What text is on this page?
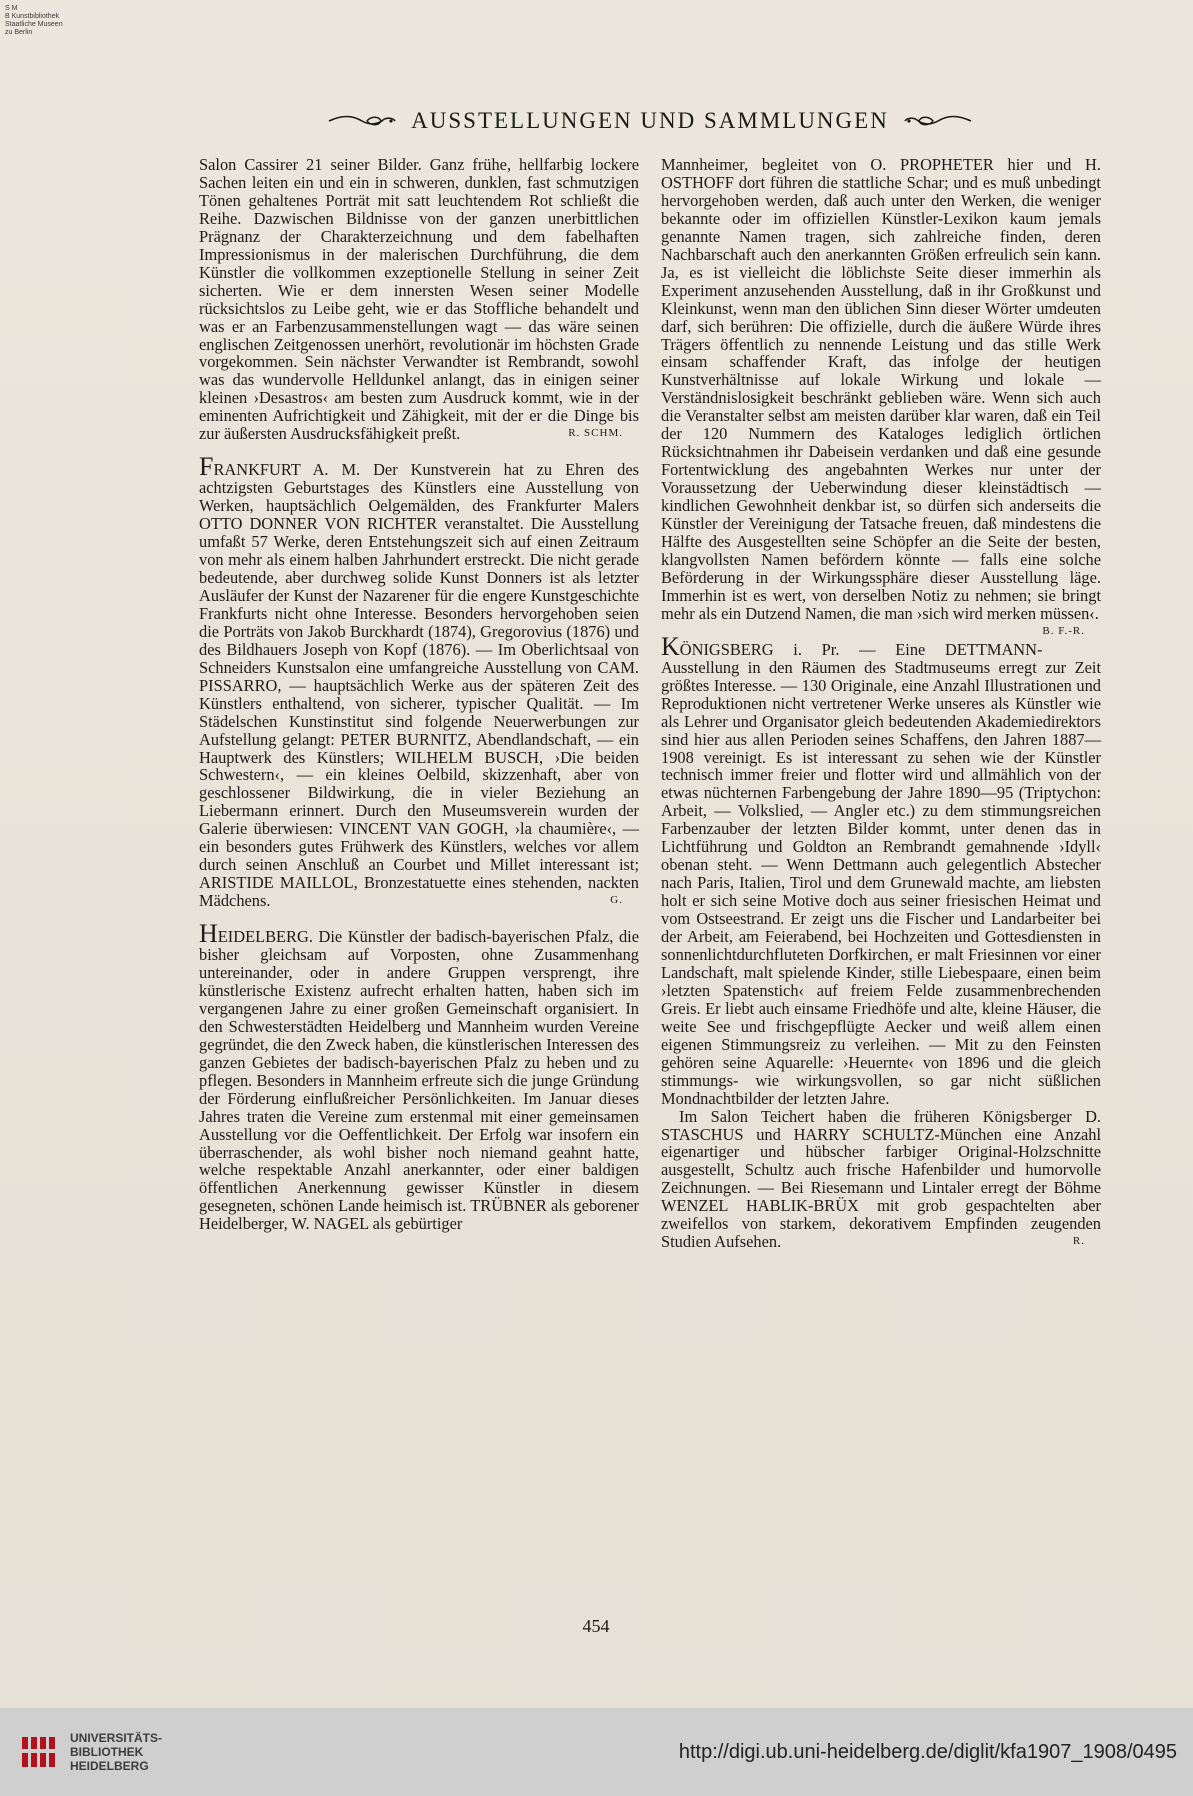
S M
B Kunstbibliothek
Staatliche Museen
zu Berlin
AUSSTELLUNGEN UND SAMMLUNGEN

Salon Cassirer 21 seiner Bilder. Ganz frühe, hellfarbig lockere Sachen leiten ein und ein in schweren, dunklen, fast schmutzigen Tönen gehaltenes Porträt mit satt leuchtendem Rot schließt die Reihe. Dazwischen Bildnisse von der ganzen unerbittlichen Prägnanz der Charakterzeichnung und dem fabelhaften Impressionismus in der malerischen Durchführung, die dem Künstler die vollkommen exzeptionelle Stellung in seiner Zeit sicherten. Wie er dem innersten Wesen seiner Modelle rücksichtslos zu Leibe geht, wie er das Stoffliche behandelt und was er an Farbenzusammenstellungen wagt — das wäre seinen englischen Zeitgenossen unerhört, revolutionär im höchsten Grade vorgekommen. Sein nächster Verwandter ist Rembrandt, sowohl was das wundervolle Helldunkel anlangt, das in einigen seiner kleinen ›Desastros‹ am besten zum Ausdruck kommt, wie in der eminenten Aufrichtigkeit und Zähigkeit, mit der er die Dinge bis zur äußersten Ausdrucksfähigkeit preßt.	R. SCHM.

FRANKFURT A. M. Der Kunstverein hat zu Ehren des achtzigsten Geburtstages des Künstlers eine Ausstellung von Werken, hauptsächlich Oelgemälden, des Frankfurter Malers OTTO DONNER VON RICHTER veranstaltet. Die Ausstellung umfaßt 57 Werke, deren Entstehungszeit sich auf einen Zeitraum von mehr als einem halben Jahrhundert erstreckt. Die nicht gerade bedeutende, aber durchweg solide Kunst Donners ist als letzter Ausläufer der Kunst der Nazarener für die engere Kunstgeschichte Frankfurts nicht ohne Interesse. Besonders hervorgehoben seien die Porträts von Jakob Burckhardt (1874), Gregorovius (1876) und des Bildhauers Joseph von Kopf (1876). — Im Oberlichtsaal von Schneiders Kunstsalon eine umfangreiche Ausstellung von CAM. PISSARRO, — hauptsächlich Werke aus der späteren Zeit des Künstlers enthaltend, von sicherer, typischer Qualität. — Im Städelschen Kunstinstitut sind folgende Neuerwerbungen zur Aufstellung gelangt: PETER BURNITZ, Abendlandschaft, — ein Hauptwerk des Künstlers; WILHELM BUSCH, ›Die beiden Schwestern‹, — ein kleines Oelbild, skizzenhaft, aber von geschlossener Bildwirkung, die in vieler Beziehung an Liebermann erinnert. Durch den Museumsverein wurden der Galerie überwiesen: VINCENT VAN GOGH, ›la chaumière‹, — ein besonders gutes Frühwerk des Künstlers, welches vor allem durch seinen Anschluß an Courbet und Millet interessant ist; ARISTIDE MAILLOL, Bronzestatuette eines stehenden, nackten Mädchens.	G.

HEIDELBERG. Die Künstler der badisch-bayerischen Pfalz, die bisher gleichsam auf Vorposten, ohne Zusammenhang untereinander, oder in andere Gruppen versprengt, ihre künstlerische Existenz aufrecht erhalten hatten, haben sich im vergangenen Jahre zu einer großen Gemeinschaft organisiert. In den Schwesterstädten Heidelberg und Mannheim wurden Vereine gegründet, die den Zweck haben, die künstlerischen Interessen des ganzen Gebietes der badisch-bayerischen Pfalz zu heben und zu pflegen. Besonders in Mannheim erfreute sich die junge Gründung der Förderung einflußreicher Persönlichkeiten. Im Januar dieses Jahres traten die Vereine zum erstenmal mit einer gemeinsamen Ausstellung vor die Oeffentlichkeit. Der Erfolg war insofern ein überraschender, als wohl bisher noch niemand geahnt hatte, welche respektable Anzahl anerkannter, oder einer baldigen öffentlichen Anerkennung gewisser Künstler in diesem gesegneten, schönen Lande heimisch ist. TRÜBNER als geborener Heidelberger, W. NAGEL als gebürtiger

Mannheimer, begleitet von O. PROPHETER hier und H. OSTHOFF dort führen die stattliche Schar; und es muß unbedingt hervorgehoben werden, daß auch unter den Werken, die weniger bekannte oder im offiziellen Künstler-Lexikon kaum jemals genannte Namen tragen, sich zahlreiche finden, deren Nachbarschaft auch den anerkannten Größen erfreulich sein kann. Ja, es ist vielleicht die löblichste Seite dieser immerhin als Experiment anzusehenden Ausstellung, daß in ihr Großkunst und Kleinkunst, wenn man den üblichen Sinn dieser Wörter umdeuten darf, sich berühren: Die offizielle, durch die äußere Würde ihres Trägers öffentlich zu nennende Leistung und das stille Werk einsam schaffender Kraft, das infolge der heutigen Kunstverhältnisse auf lokale Wirkung und lokale — Verständnislosigkeit beschränkt geblieben wäre. Wenn sich auch die Veranstalter selbst am meisten darüber klar waren, daß ein Teil der 120 Nummern des Kataloges lediglich örtlichen Rücksichtnahmen ihr Dabeisein verdanken und daß eine gesunde Fortentwicklung des angebahnten Werkes nur unter der Voraussetzung der Ueberwindung dieser kleinstädtisch — kindlichen Gewohnheit denkbar ist, so dürfen sich anderseits die Künstler der Vereinigung der Tatsache freuen, daß mindestens die Hälfte des Ausgestellten seine Schöpfer an die Seite der besten, klangvollsten Namen befördern könnte — falls eine solche Beförderung in der Wirkungssphäre dieser Ausstellung läge. Immerhin ist es wert, von derselben Notiz zu nehmen; sie bringt mehr als ein Dutzend Namen, die man ›sich wird merken müssen‹.
B. F.-R.

KÖNIGSBERG i. Pr. — Eine DETTMANN-Ausstellung in den Räumen des Stadtmuseums erregt zur Zeit größtes Interesse. — 130 Originale, eine Anzahl Illustrationen und Reproduktionen nicht vertretener Werke unseres als Künstler wie als Lehrer und Organisator gleich bedeutenden Akademiedirektors sind hier aus allen Perioden seines Schaffens, den Jahren 1887—1908 vereinigt. Es ist interessant zu sehen wie der Künstler technisch immer freier und flotter wird und allmählich von der etwas nüchternen Farbengebung der Jahre 1890—95 (Triptychon: Arbeit, — Volkslied, — Angler etc.) zu dem stimmungsreichen Farbenzauber der letzten Bilder kommt, unter denen das in Lichtführung und Goldton an Rembrandt gemahnende ›Idyll‹ obenan steht. — Wenn Dettmann auch gelegentlich Abstecher nach Paris, Italien, Tirol und dem Grunewald machte, am liebsten holt er sich seine Motive doch aus seiner friesischen Heimat und vom Ostseestrand. Er zeigt uns die Fischer und Landarbeiter bei der Arbeit, am Feierabend, bei Hochzeiten und Gottesdiensten in sonnenlichtdurchfluteten Dorfkirchen, er malt Friesinnen vor einer Landschaft, malt spielende Kinder, stille Liebespaare, einen beim ›letzten Spatenstich‹ auf freiem Felde zusammenbrechenden Greis. Er liebt auch einsame Friedhöfe und alte, kleine Häuser, die weite See und frischgepflügte Aecker und weiß allem einen eigenen Stimmungsreiz zu verleihen. — Mit zu den Feinsten gehören seine Aquarelle: ›Heuernte‹ von 1896 und die gleich stimmungs- wie wirkungsvollen, so gar nicht süßlichen Mondnachtbilder der letzten Jahre.

Im Salon Teichert haben die früheren Königsberger D. STASCHUS und HARRY SCHULTZ-München eine Anzahl eigenartiger und hübscher farbiger Original-Holzschnitte ausgestellt, Schultz auch frische Hafenbilder und humorvolle Zeichnungen. — Bei Riesemann und Lintaler erregt der Böhme WENZEL HABLIK-BRÜX mit grob gespachtelten aber zweifellos von starkem, dekorativem Empfinden zeugenden Studien Aufsehen.	R.

454
UNIVERSITÄTS-
BIBLIOTHEK
HEIDELBERG
http://digi.ub.uni-heidelberg.de/diglit/kfa1907_1908/0495
